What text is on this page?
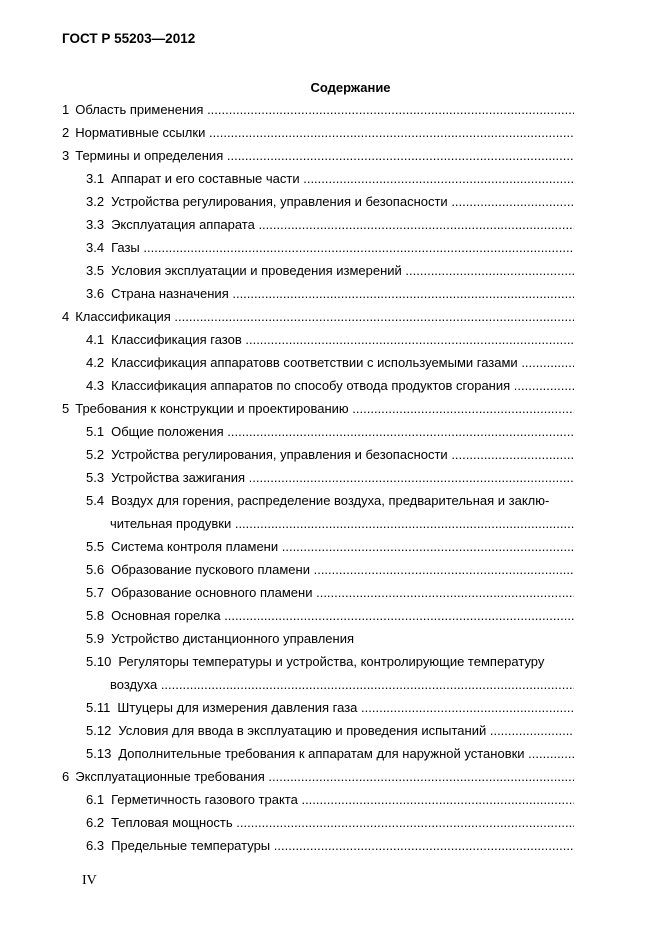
ГОСТ Р 55203—2012
Содержание
1 Область применения .....
2 Нормативные ссылки .....
3 Термины и определения .....
3.1 Аппарат и его составные части .....
3.2 Устройства регулирования, управления и безопасности .....
3.3 Эксплуатация аппарата .....
3.4 Газы .....
3.5 Условия эксплуатации и проведения измерений .....
3.6 Страна назначения .....
4 Классификация .....
4.1 Классификация газов .....
4.2 Классификация аппаратовв соответствии с используемыми газами .....
4.3 Классификация аппаратов по способу отвода продуктов сгорания .....
5 Требования к конструкции и проектированию .....
5.1 Общие положения .....
5.2 Устройства регулирования, управления и безопасности .....
5.3 Устройства зажигания .....
5.4 Воздух для горения, распределение воздуха, предварительная и заклю-
чительная продувки .....
5.5 Система контроля пламени .....
5.6 Образование пускового пламени .....
5.7 Образование основного пламени .....
5.8 Основная горелка .....
5.9 Устройство дистанционного управления
5.10 Регуляторы температуры и устройства, контролирующие температуру
воздуха .....
5.11 Штуцеры для измерения давления газа .....
5.12 Условия для ввода в эксплуатацию и проведения испытаний .....
5.13 Дополнительные требования к аппаратам для наружной установки .....
6 Эксплуатационные требования .....
6.1 Герметичность газового тракта .....
6.2 Тепловая мощность .....
6.3 Предельные температуры .....
IV
